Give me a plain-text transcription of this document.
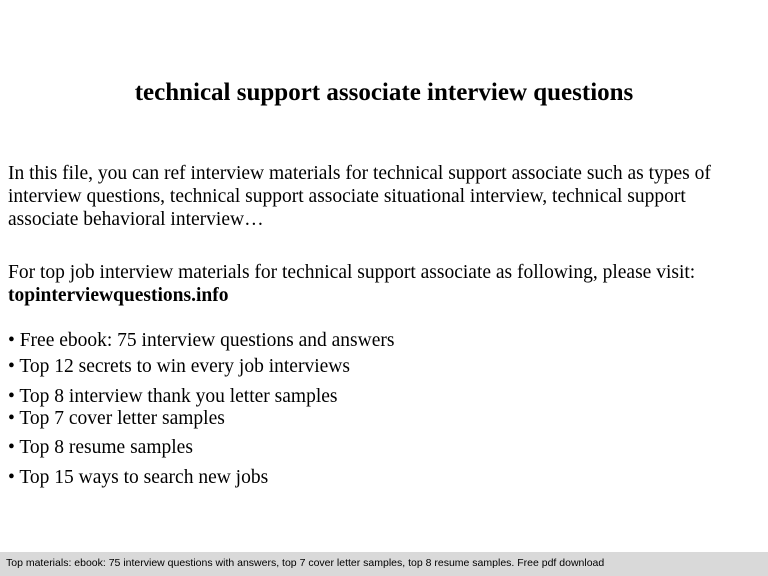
technical support associate interview questions

In this file, you can ref interview materials for technical support associate such as types of interview questions, technical support associate situational interview, technical support associate behavioral interview…

For top job interview materials for technical support associate as following, please visit:
topinterviewquestions.info

• Free ebook: 75 interview questions and answers
• Top 12 secrets to win every job interviews
• Top 8 interview thank you letter samples
• Top 7 cover letter samples
• Top 8 resume samples
• Top 15 ways to search new jobs
Top materials: ebook: 75 interview questions with answers, top 7 cover letter samples, top 8 resume samples. Free pdf download
